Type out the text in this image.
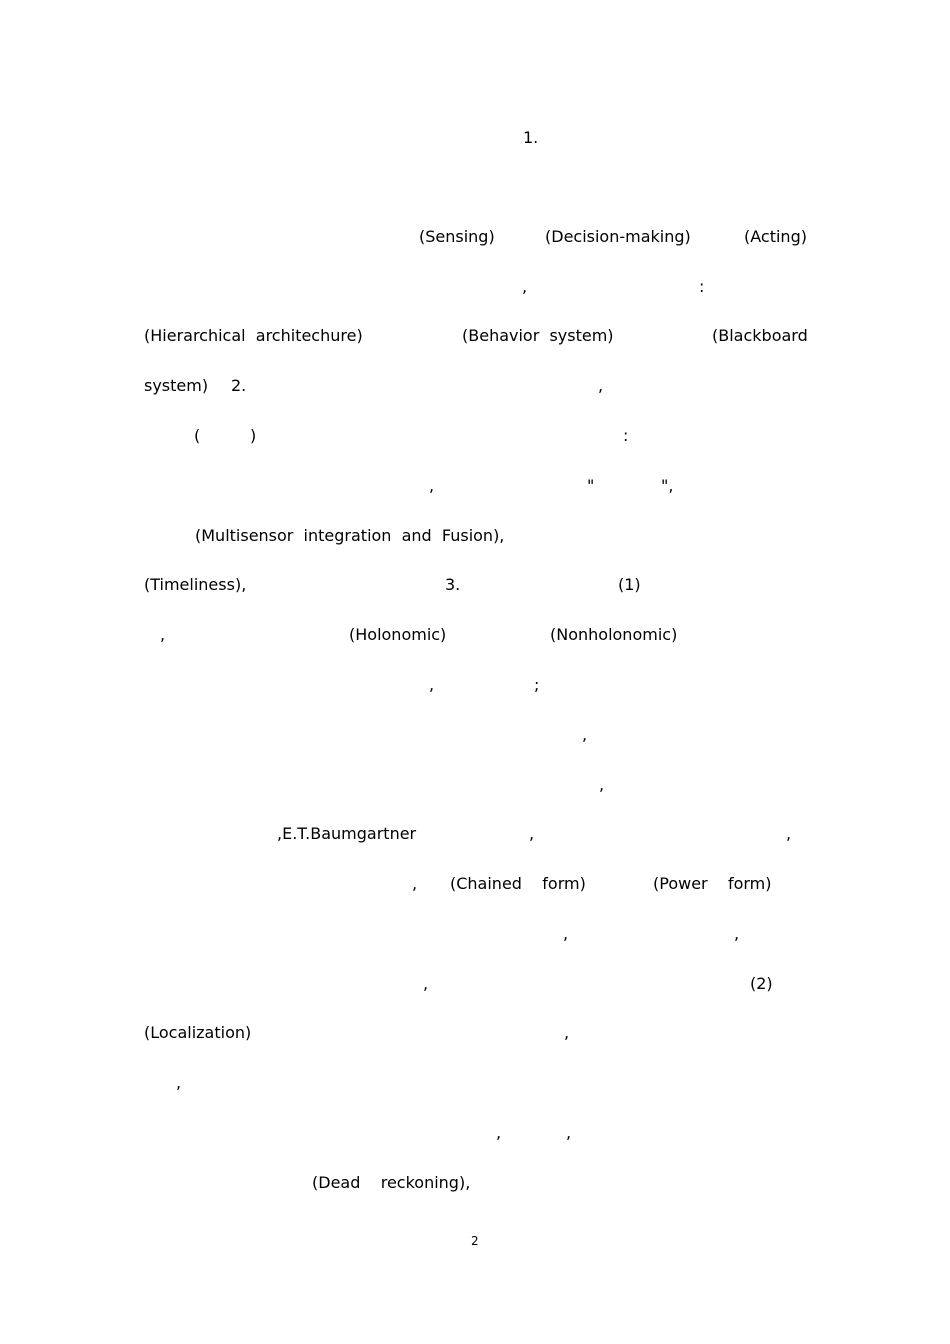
1.
(Sensing)	(Decision-making)	(Acting)
,	:
(Hierarchical  architechure)	(Behavior  system)	(Blackboard
system) 2.	,
(	)	:
,	"	",
(Multisensor  integration  and  Fusion),
(Timeliness),	3.	(1)
,	(Holonomic)	(Nonholonomic)
,	;
,
,
,E.T.Baumgartner	,	,
, (Chained    form)	(Power    form)
,	,
,	(2)
(Localization)	,
,
,	,
(Dead    reckoning),
2
